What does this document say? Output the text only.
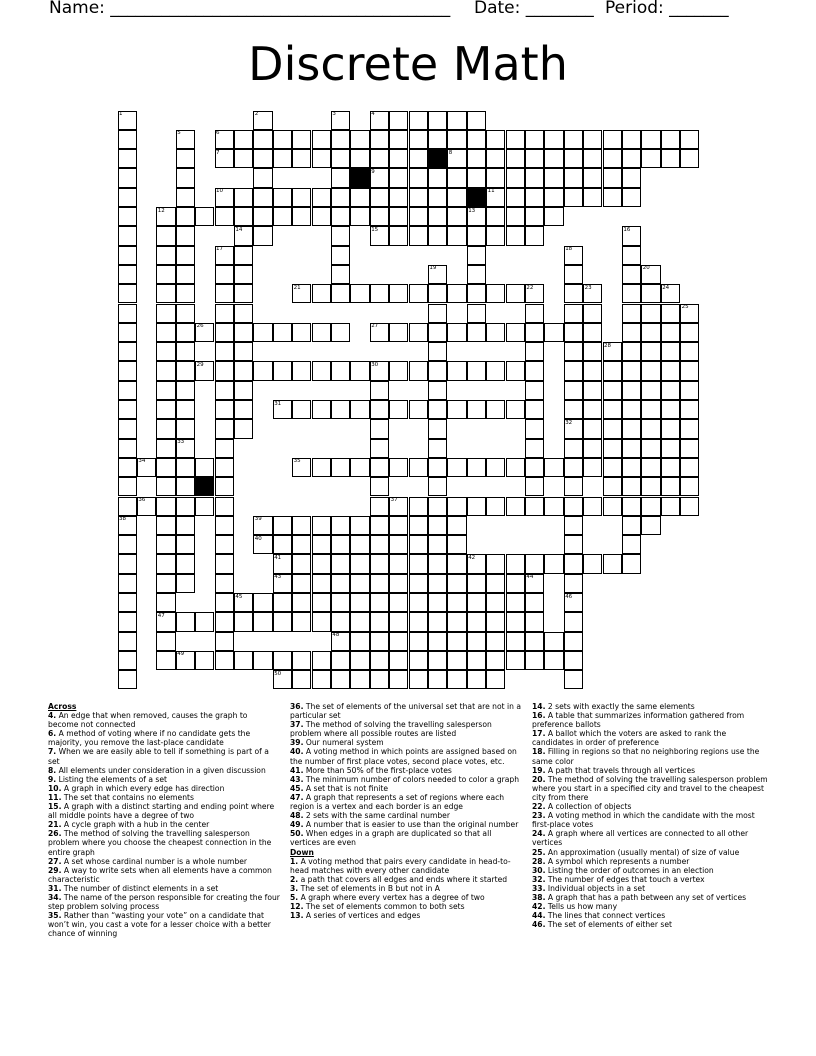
Name: ________________________________________ Date: ________ Period: _______
Discrete Math
1	2	3	4
5	6
7	8
9
10	11
12	13
14	15	16
17	18
19	20
21	22	23	24
25
26	27
28
29	30
31
32
33
34	35
36	37
38	39
40
41	42
43	44
45	46
47
48
49
50
Across
4. An edge that when removed, causes the graph to become not connected
6. A method of voting where if no candidate gets the majority, you remove the last-place candidate
7. When we are easily able to tell if something is part of a set
8. All elements under consideration in a given discussion
9. Listing the elements of a set
10. A graph in which every edge has direction
11. The set that contains no elements
15. A graph with a distinct starting and ending point where all middle points have a degree of two
21. A cycle graph with a hub in the center
26. The method of solving the travelling salesperson problem where you choose the cheapest connection in the entire graph
27. A set whose cardinal number is a whole number
29. A way to write sets when all elements have a common characteristic
31. The number of distinct elements in a set
34. The name of the person responsible for creating the four step problem solving process
35. Rather than “wasting your vote” on a candidate that won’t win, you cast a vote for a lesser choice with a better chance of winning
36. The set of elements of the universal set that are not in a particular set
37. The method of solving the travelling salesperson problem where all possible routes are listed
39. Our numeral system
40. A voting method in which points are assigned based on the number of first place votes, second place votes, etc.
41. More than 50% of the first-place votes
43. The minimum number of colors needed to color a graph
45. A set that is not finite
47. A graph that represents a set of regions where each region is a vertex and each border is an edge
48. 2 sets with the same cardinal number
49. A number that is easier to use than the original number
50. When edges in a graph are duplicated so that all vertices are even
Down
1. A voting method that pairs every candidate in head-to-head matches with every other candidate
2. a path that covers all edges and ends where it started
3. The set of elements in B but not in A
5. A graph where every vertex has a degree of two
12. The set of elements common to both sets
13. A series of vertices and edges
14. 2 sets with exactly the same elements
16. A table that summarizes information gathered from preference ballots
17. A ballot which the voters are asked to rank the candidates in order of preference
18. Filling in regions so that no neighboring regions use the same color
19. A path that travels through all vertices
20. The method of solving the travelling salesperson problem where you start in a specified city and travel to the cheapest city from there
22. A collection of objects
23. A voting method in which the candidate with the most first-place votes
24. A graph where all vertices are connected to all other vertices
25. An approximation (usually mental) of size of value
28. A symbol which represents a number
30. Listing the order of outcomes in an election
32. The number of edges that touch a vertex
33. Individual objects in a set
38. A graph that has a path between any set of vertices
42. Tells us how many
44. The lines that connect vertices
46. The set of elements of either set
